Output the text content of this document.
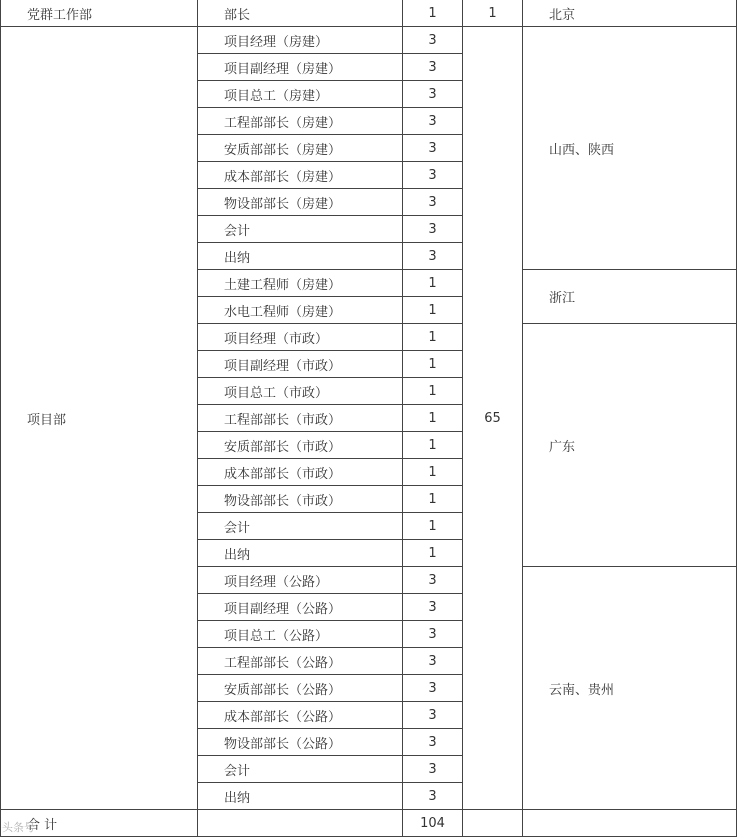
党群工作部	部长	1	1	北京
项目部	项目经理（房建）	3	65	山西、陕西
	项目副经理（房建）	3		
	项目总工（房建）	3		
	工程部部长（房建）	3		
	安质部部长（房建）	3		
	成本部部长（房建）	3		
	物设部部长（房建）	3		
	会计	3		
	出纳	3		
	土建工程师（房建）	1		浙江
	水电工程师（房建）	1		
	项目经理（市政）	1		广东
	项目副经理（市政）	1		
	项目总工（市政）	1		
	工程部部长（市政）	1		
	安质部部长（市政）	1		
	成本部部长（市政）	1		
	物设部部长（市政）	1		
	会计	1		
	出纳	1		
	项目经理（公路）	3		云南、贵州
	项目副经理（公路）	3		
	项目总工（公路）	3		
	工程部部长（公路）	3		
	安质部部长（公路）	3		
	成本部部长（公路）	3		
	物设部部长（公路）	3		
	会计	3		
	出纳	3		
合 计		104		
头条号
